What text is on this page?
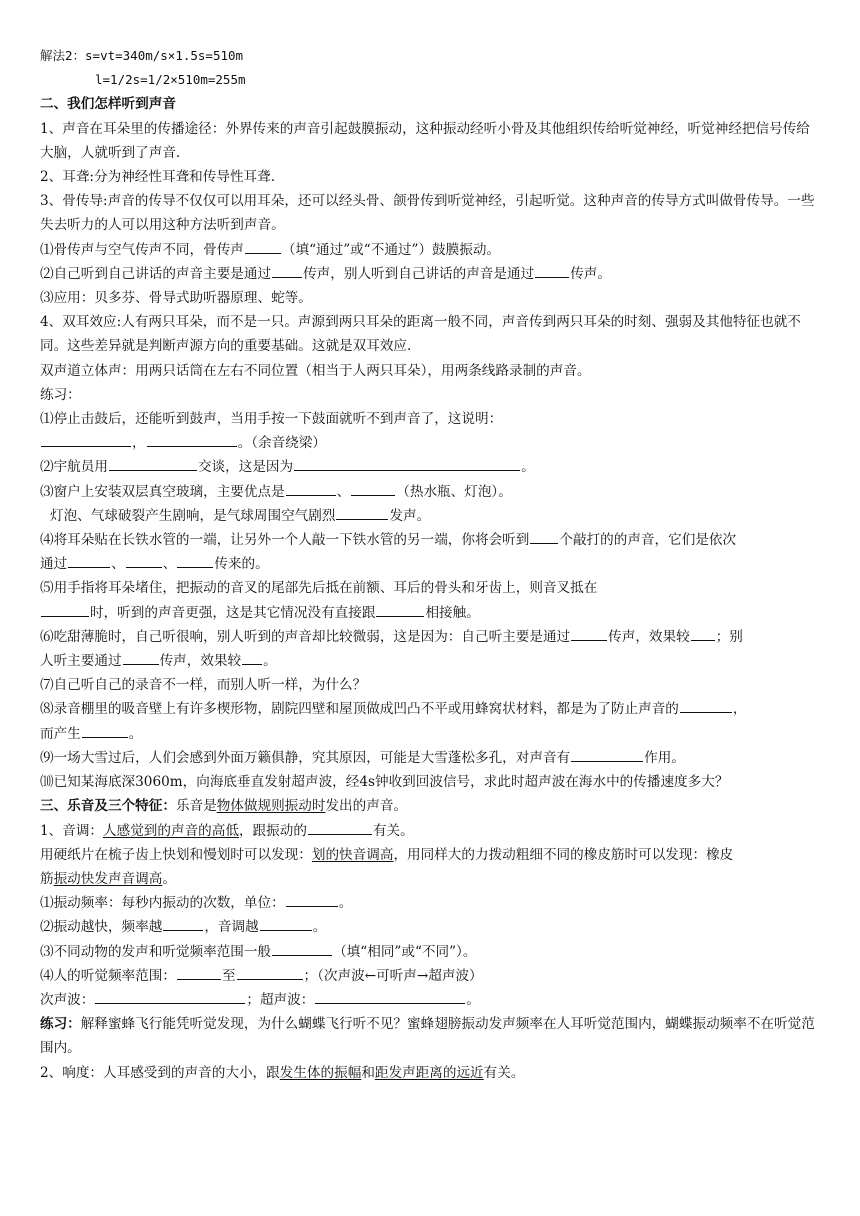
解法2：s=vt=340m/s×1.5s=510m
l=1/2s=1/2×510m=255m
二、我们怎样听到声音
1、声音在耳朵里的传播途径：外界传来的声音引起鼓膜振动，这种振动经听小骨及其他组织传给听觉神经，听觉神经把信号传给大脑，人就听到了声音.
2、耳聋:分为神经性耳聋和传导性耳聋.
3、骨传导:声音的传导不仅仅可以用耳朵，还可以经头骨、颌骨传到听觉神经，引起听觉。这种声音的传导方式叫做骨传导。一些失去听力的人可以用这种方法听到声音。
⑴骨传声与空气传声不同，骨传声	（填“通过”或“不通过”）鼓膜振动。
⑵自己听到自己讲话的声音主要是通过 传声，别人听到自己讲话的声音是通过	传声。
⑶应用：贝多芬、骨导式助听器原理、蛇等。
4、双耳效应:人有两只耳朵，而不是一只。声源到两只耳朵的距离一般不同，声音传到两只耳朵的时刻、强弱及其他特征也就不同。这些差异就是判断声源方向的重要基础。这就是双耳效应.
双声道立体声：用两只话筒在左右不同位置（相当于人两只耳朵），用两条线路录制的声音。
练习：
⑴停止击鼓后，还能听到鼓声，当用手按一下鼓面就听不到声音了，这说明：
，	。（余音绕梁）
⑵宇航员用	交谈，这是因为	。
⑶窗户上安装双层真空玻璃，主要优点是	、	（热水瓶、灯泡）。
灯泡、气球破裂产生剧响，是气球周围空气剧烈	发声。
⑷将耳朵贴在长铁水管的一端，让另外一个人敲一下铁水管的另一端，你将会听到 个敲打的的声音，它们是依次
通过	、	、	传来的。
⑸用手指将耳朵堵住，把振动的音叉的尾部先后抵在前额、耳后的骨头和牙齿上，则音叉抵在
时，听到的声音更强，这是其它情况没有直接跟	相接触。
⑹吃甜薄脆时，自己听很响，别人听到的声音却比较微弱，这是因为：自己听主要是通过	传声，效果较 ；别
人听主要通过	传声，效果较 。
⑺自己听自己的录音不一样，而别人听一样，为什么？
⑻录音棚里的吸音壁上有许多楔形物，剧院四壁和屋顶做成凹凸不平或用蜂窝状材料，都是为了防止声音的	，
而产生	。
⑼一场大雪过后，人们会感到外面万籁俱静，究其原因，可能是大雪蓬松多孔，对声音有	作用。
⑽已知某海底深3060m，向海底垂直发射超声波，经4s钟收到回波信号，求此时超声波在海水中的传播速度多大？
三、乐音及三个特征：乐音是物体做规则振动时发出的声音。
1、音调：人感觉到的声音的高低，跟振动的	有关。
用硬纸片在梳子齿上快划和慢划时可以发现：划的快音调高，用同样大的力拨动粗细不同的橡皮筋时可以发现：橡皮
筋振动快发声音调高。
⑴振动频率：每秒内振动的次数，单位：	。
⑵振动越快，频率越	，音调越	。
⑶不同动物的发声和听觉频率范围一般	（填“相同”或“不同”）。
⑷人的听觉频率范围：	至	；（次声波←可听声→超声波）
次声波：	；超声波：	。
练习：解释蜜蜂飞行能凭听觉发现，为什么蝴蝶飞行听不见？蜜蜂翅膀振动发声频率在人耳听觉范围内，蝴蝶振动频率不在听觉范围内。
2、响度：人耳感受到的声音的大小，跟发生体的振幅和距发声距离的远近有关。
